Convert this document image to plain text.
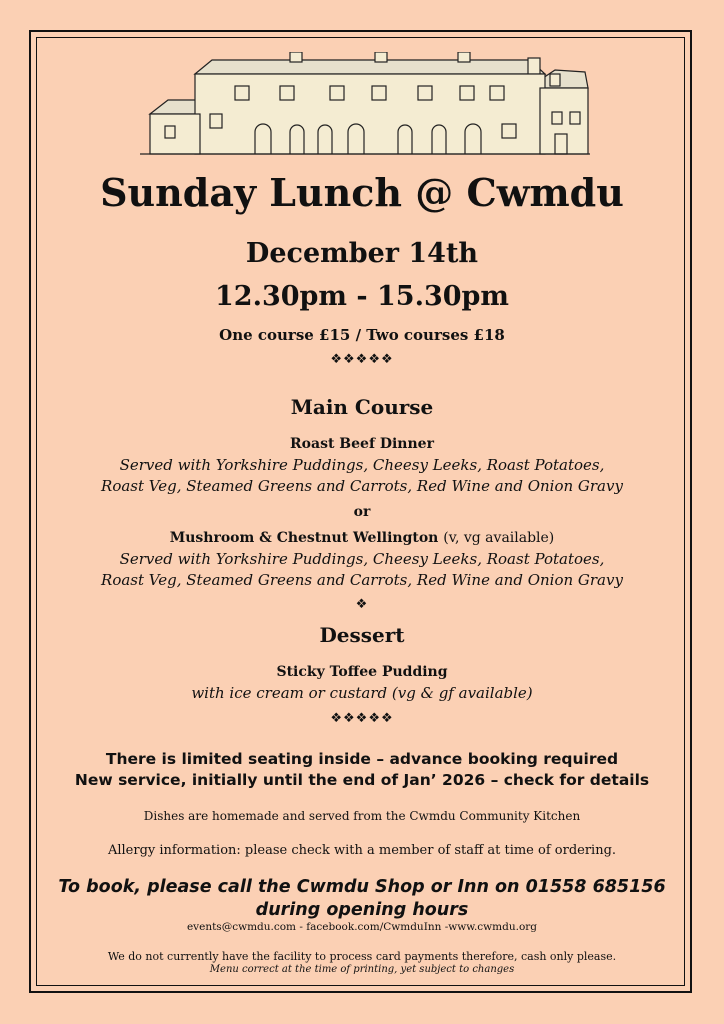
Sunday Lunch @ Cwmdu
December 14th
12.30pm - 15.30pm
One course £15 / Two courses £18
❖❖❖❖❖
Main Course
Roast Beef Dinner
Served with Yorkshire Puddings, Cheesy Leeks, Roast Potatoes,
Roast Veg, Steamed Greens and Carrots, Red Wine and Onion Gravy
or
Mushroom & Chestnut Wellington (v, vg available)
Served with Yorkshire Puddings, Cheesy Leeks, Roast Potatoes,
Roast Veg, Steamed Greens and Carrots, Red Wine and Onion Gravy
❖
Dessert
Sticky Toffee Pudding
with ice cream or custard (vg & gf available)
❖❖❖❖❖
There is limited seating inside – advance booking required
New service, initially until the end of Jan’ 2026 – check for details
Dishes are homemade and served from the Cwmdu Community Kitchen
Allergy information: please check with a member of staff at time of ordering.
To book, please call the Cwmdu Shop or Inn on 01558 685156
during opening hours
events@cwmdu.com - facebook.com/CwmduInn -www.cwmdu.org
We do not currently have the facility to process card payments therefore, cash only please.
Menu correct at the time of printing, yet subject to changes
